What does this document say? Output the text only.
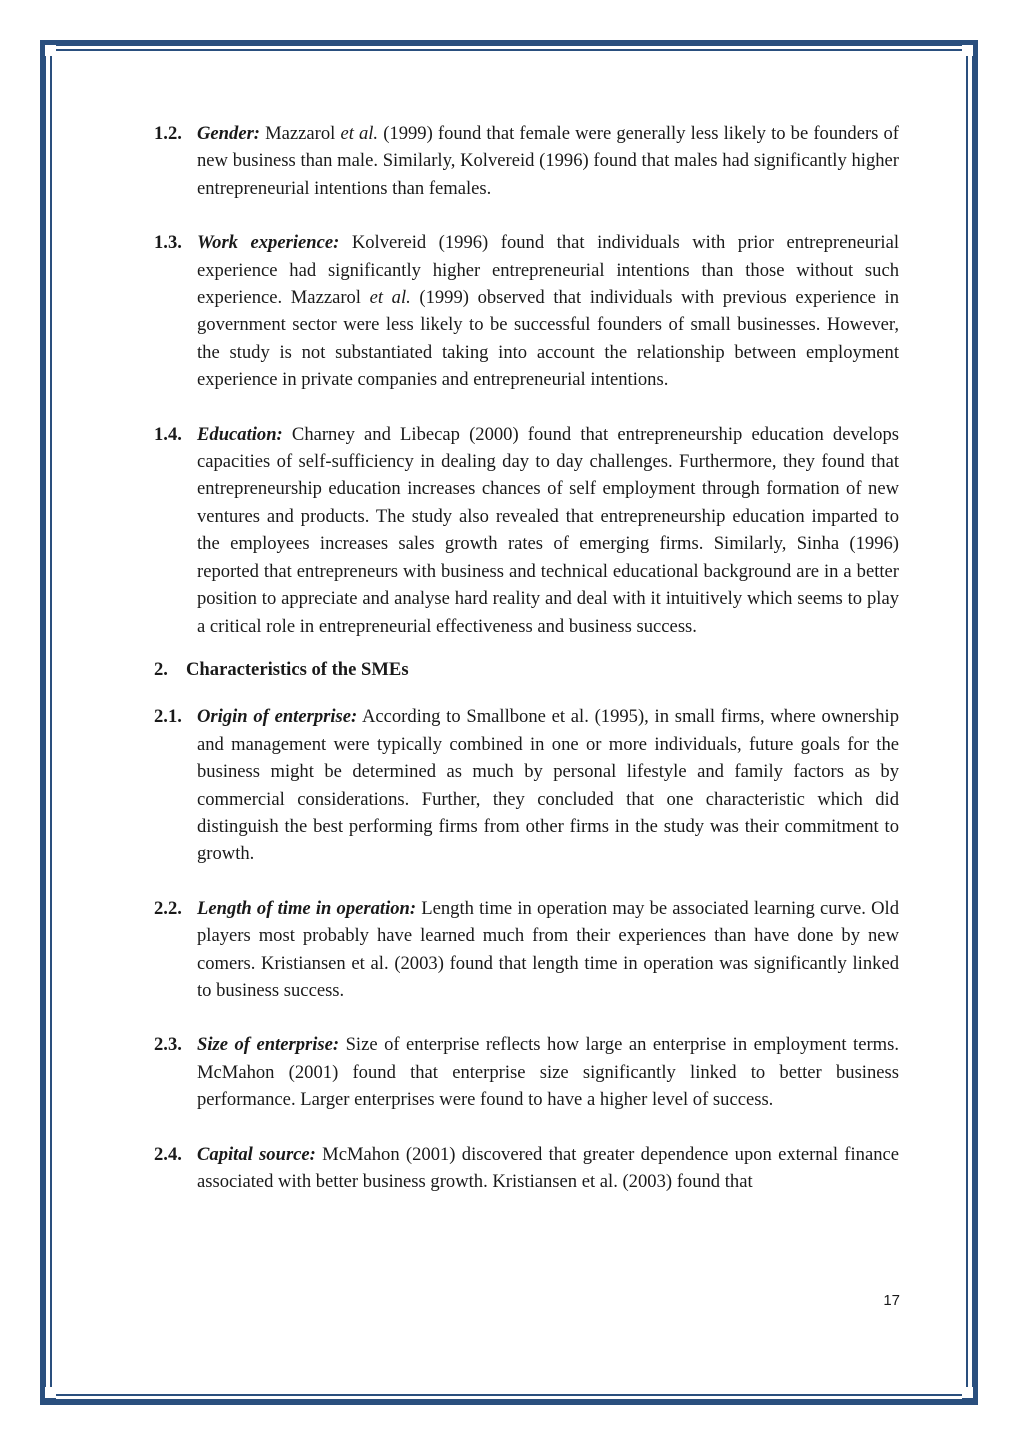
1.2. Gender: Mazzarol et al. (1999) found that female were generally less likely to be founders of new business than male. Similarly, Kolvereid (1996) found that males had significantly higher entrepreneurial intentions than females.
1.3. Work experience: Kolvereid (1996) found that individuals with prior entrepreneurial experience had significantly higher entrepreneurial intentions than those without such experience. Mazzarol et al. (1999) observed that individuals with previous experience in government sector were less likely to be successful founders of small businesses. However, the study is not substantiated taking into account the relationship between employment experience in private companies and entrepreneurial intentions.
1.4. Education: Charney and Libecap (2000) found that entrepreneurship education develops capacities of self-sufficiency in dealing day to day challenges. Furthermore, they found that entrepreneurship education increases chances of self employment through formation of new ventures and products. The study also revealed that entrepreneurship education imparted to the employees increases sales growth rates of emerging firms. Similarly, Sinha (1996) reported that entrepreneurs with business and technical educational background are in a better position to appreciate and analyse hard reality and deal with it intuitively which seems to play a critical role in entrepreneurial effectiveness and business success.
2. Characteristics of the SMEs
2.1. Origin of enterprise: According to Smallbone et al. (1995), in small firms, where ownership and management were typically combined in one or more individuals, future goals for the business might be determined as much by personal lifestyle and family factors as by commercial considerations. Further, they concluded that one characteristic which did distinguish the best performing firms from other firms in the study was their commitment to growth.
2.2. Length of time in operation: Length time in operation may be associated learning curve. Old players most probably have learned much from their experiences than have done by new comers. Kristiansen et al. (2003) found that length time in operation was significantly linked to business success.
2.3. Size of enterprise: Size of enterprise reflects how large an enterprise in employment terms. McMahon (2001) found that enterprise size significantly linked to better business performance. Larger enterprises were found to have a higher level of success.
2.4. Capital source: McMahon (2001) discovered that greater dependence upon external finance associated with better business growth. Kristiansen et al. (2003) found that
17
